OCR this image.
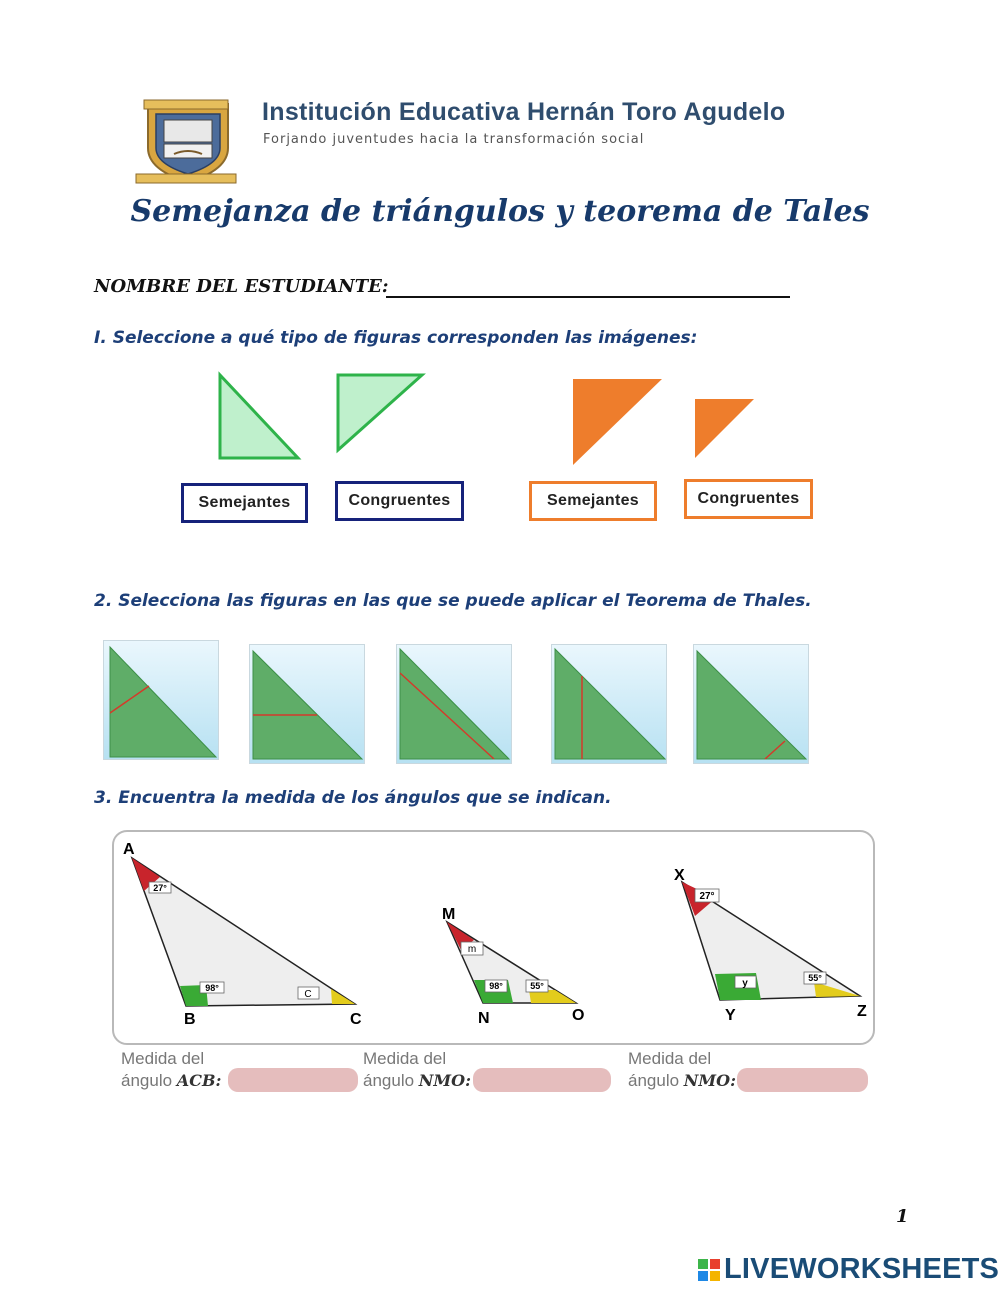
Institución Educativa Hernán Toro Agudelo
Forjando juventudes hacia la transformación social
Semejanza de triángulos y teorema de Tales
NOMBRE DEL ESTUDIANTE:
I. Seleccione a qué tipo de figuras corresponden las imágenes:
Semejantes	Congruentes	Semejantes	Congruentes
2. Selecciona las figuras en las que se puede aplicar el Teorema de Thales.
3. Encuentra la medida de los ángulos que se indican.
27°
98°
C
A
B	C
m
98°	55°
M
N	O
27°
y	55°
X
Y	Z
Medida del
ángulo ACB:
Medida del
ángulo NMO:
Medida del
ángulo NMO:
1
LIVEWORKSHEETS
